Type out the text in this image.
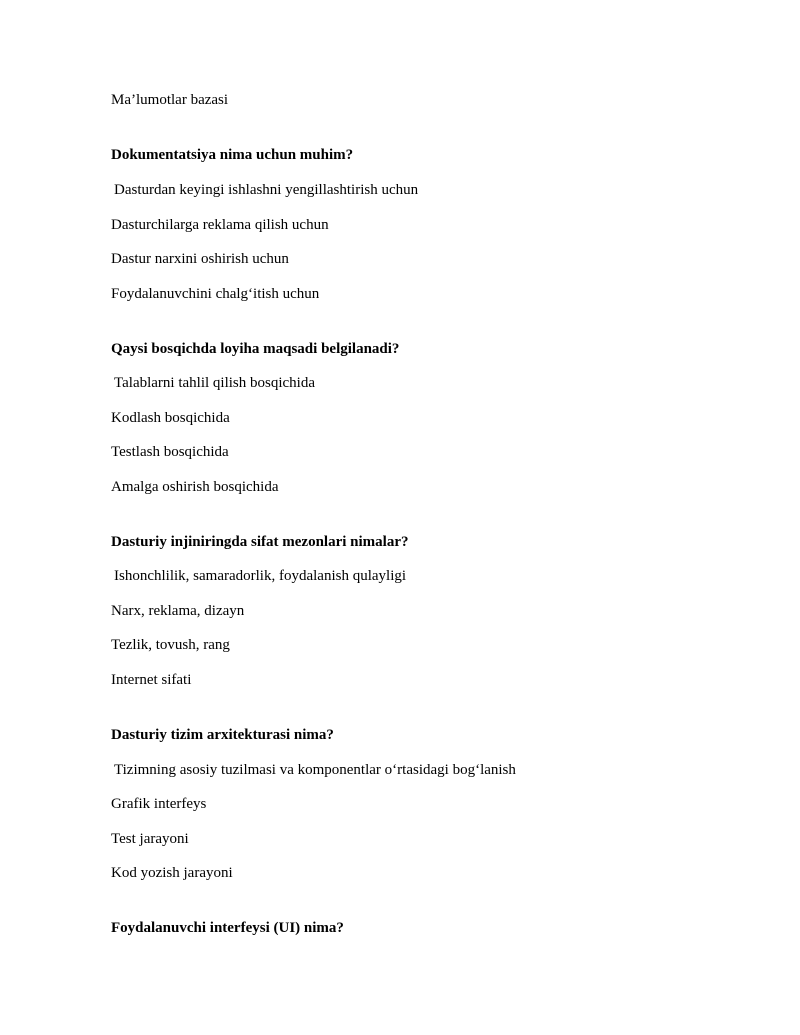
Ma’lumotlar bazasi
Dokumentatsiya nima uchun muhim?
Dasturdan keyingi ishlashni yengillashtirish uchun
Dasturchilarga reklama qilish uchun
Dastur narxini oshirish uchun
Foydalanuvchini chalg‘itish uchun
Qaysi bosqichda loyiha maqsadi belgilanadi?
Talablarni tahlil qilish bosqichida
Kodlash bosqichida
Testlash bosqichida
Amalga oshirish bosqichida
Dasturiy injiniringda sifat mezonlari nimalar?
Ishonchlilik, samaradorlik, foydalanish qulayligi
Narx, reklama, dizayn
Tezlik, tovush, rang
Internet sifati
Dasturiy tizim arxitekturasi nima?
Tizimning asosiy tuzilmasi va komponentlar o‘rtasidagi bog‘lanish
Grafik interfeys
Test jarayoni
Kod yozish jarayoni
Foydalanuvchi interfeysi (UI) nima?
